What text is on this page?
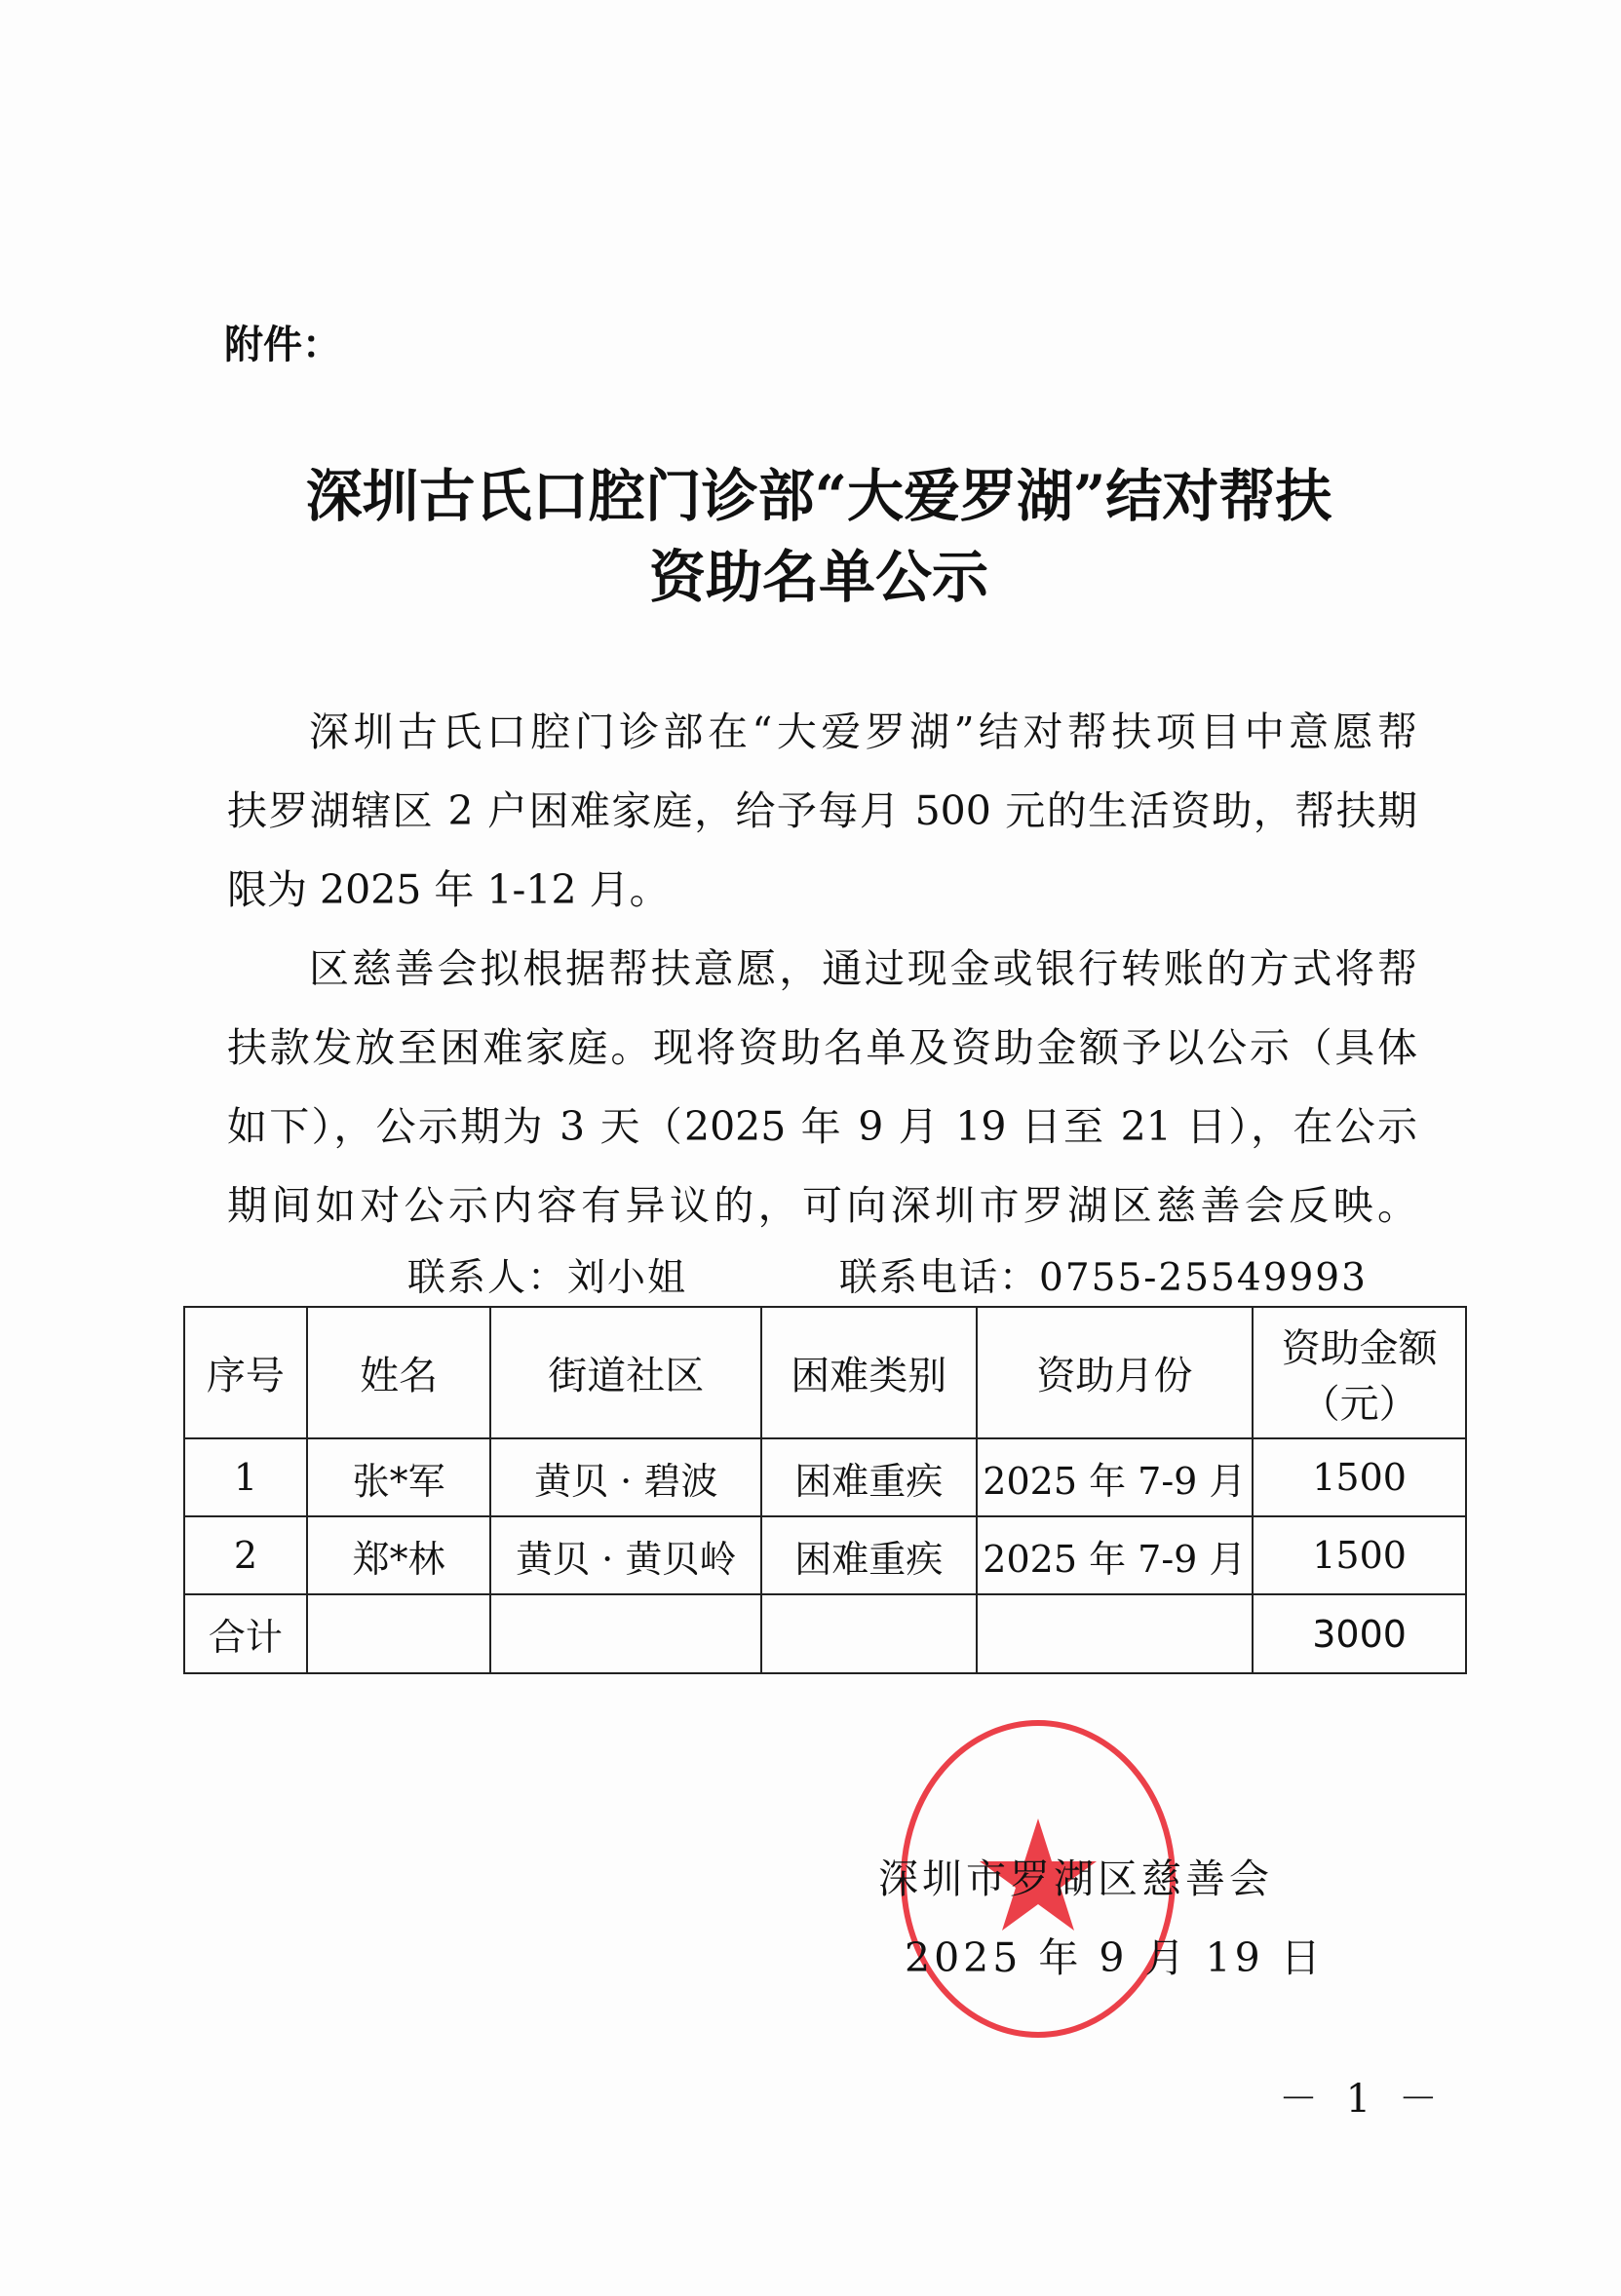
附件：
深圳古氏口腔门诊部“大爱罗湖”结对帮扶
资助名单公示
深圳古氏口腔门诊部在“大爱罗湖”结对帮扶项目中意愿帮
扶罗湖辖区 2 户困难家庭，给予每月 500 元的生活资助，帮扶期
限为 2025 年 1-12 月。
区慈善会拟根据帮扶意愿，通过现金或银行转账的方式将帮
扶款发放至困难家庭。现将资助名单及资助金额予以公示（具体
如下），公示期为 3 天（2025 年 9 月 19 日至 21 日），在公示
期间如对公示内容有异议的，可向深圳市罗湖区慈善会反映。
联系人：刘小姐	联系电话：0755-25549993
序号	姓名	街道社区	困难类别	资助月份	资助金额
（元）

1	张*军	黄贝 · 碧波	困难重疾	2025 年 7-9 月	1500
2	郑*林	黄贝 · 黄贝岭	困难重疾	2025 年 7-9 月	1500
合计					3000
深圳市罗湖区慈善会
2025 年 9 月 19 日
－ 1 －
